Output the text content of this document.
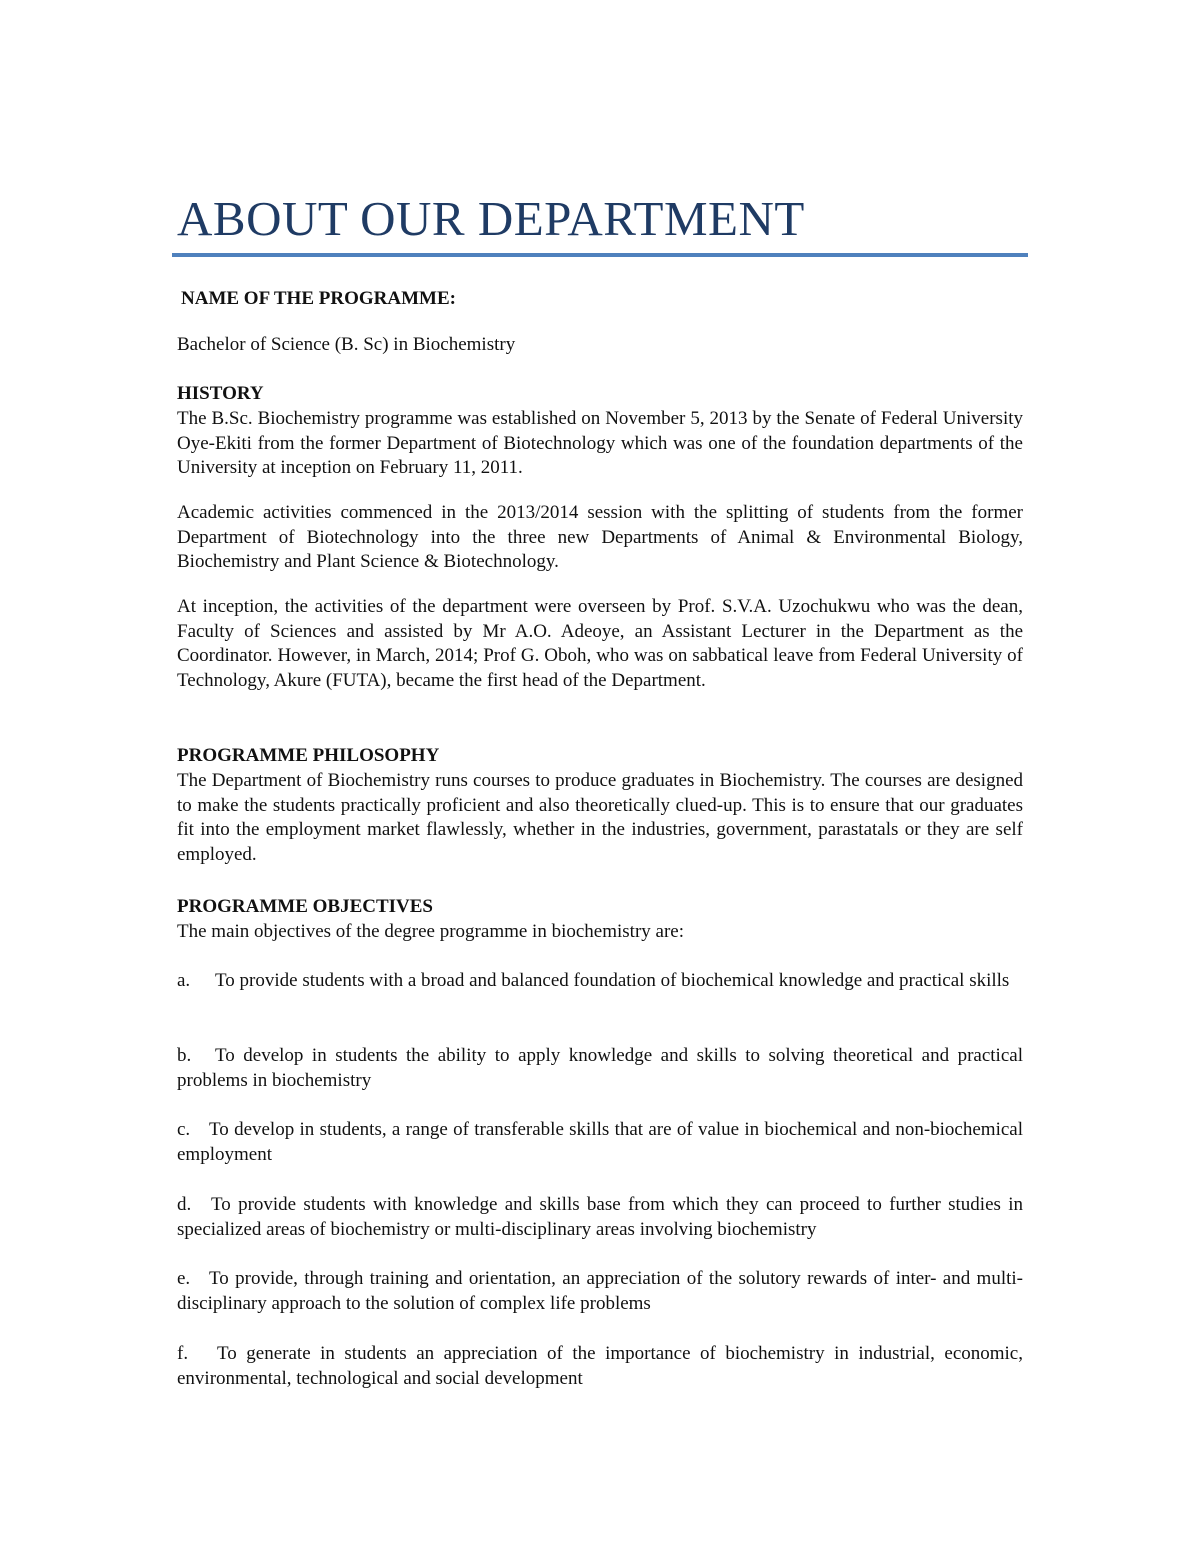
ABOUT OUR DEPARTMENT

NAME OF THE PROGRAMME:

Bachelor of Science (B. Sc) in Biochemistry

HISTORY

The B.Sc. Biochemistry programme was established on November 5, 2013 by the Senate of Federal University Oye-Ekiti from the former Department of Biotechnology which was one of the foundation departments of the University at inception on February 11, 2011.

Academic activities commenced in the 2013/2014 session with the splitting of students from the former Department of Biotechnology into the three new Departments of Animal & Environmental Biology, Biochemistry and Plant Science & Biotechnology.

At inception, the activities of the department were overseen by Prof. S.V.A. Uzochukwu who was the dean, Faculty of Sciences and assisted by Mr A.O. Adeoye, an Assistant Lecturer in the Department as the Coordinator. However, in March, 2014; Prof G. Oboh, who was on sabbatical leave from Federal University of Technology, Akure (FUTA), became the first head of the Department.

PROGRAMME PHILOSOPHY

The Department of Biochemistry runs courses to produce graduates in Biochemistry. The courses are designed to make the students practically proficient and also theoretically clued-up. This is to ensure that our graduates fit into the employment market flawlessly, whether in the industries, government, parastatals or they are self employed.

PROGRAMME OBJECTIVES

The main objectives of the degree programme in biochemistry are:

a. To provide students with a broad and balanced foundation of biochemical knowledge and practical skills
b. To develop in students the ability to apply knowledge and skills to solving theoretical and practical problems in biochemistry
c. To develop in students, a range of transferable skills that are of value in biochemical and non-biochemical employment
d. To provide students with knowledge and skills base from which they can proceed to further studies in specialized areas of biochemistry or multi-disciplinary areas involving biochemistry
e. To provide, through training and orientation, an appreciation of the solutory rewards of inter- and multi-disciplinary approach to the solution of complex life problems
f. To generate in students an appreciation of the importance of biochemistry in industrial, economic, environmental, technological and social development
